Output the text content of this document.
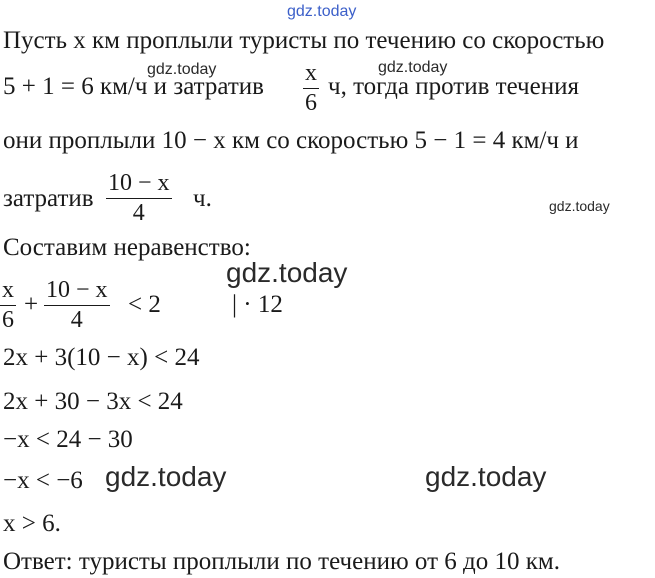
gdz.today
gdz.today	gdz.today
gdz.today
gdz.today
gdz.today	gdz.today
Пусть x км проплыли туристы по течению со скоростью
5 + 1 = 6 км/ч и затратив x
6
ч, тогда против течения
они проплыли 10 − x км со скоростью 5 − 1 = 4 км/ч и
затратив
10 − x
4
ч.
Составим неравенство:
x
6
+
10 − x
4
< 2	| · 12
2x + 3(10 − x) < 24
2x + 30 − 3x < 24
−x < 24 − 30
−x < −6
x > 6.
Ответ: туристы проплыли по течению от 6 до 10 км.
